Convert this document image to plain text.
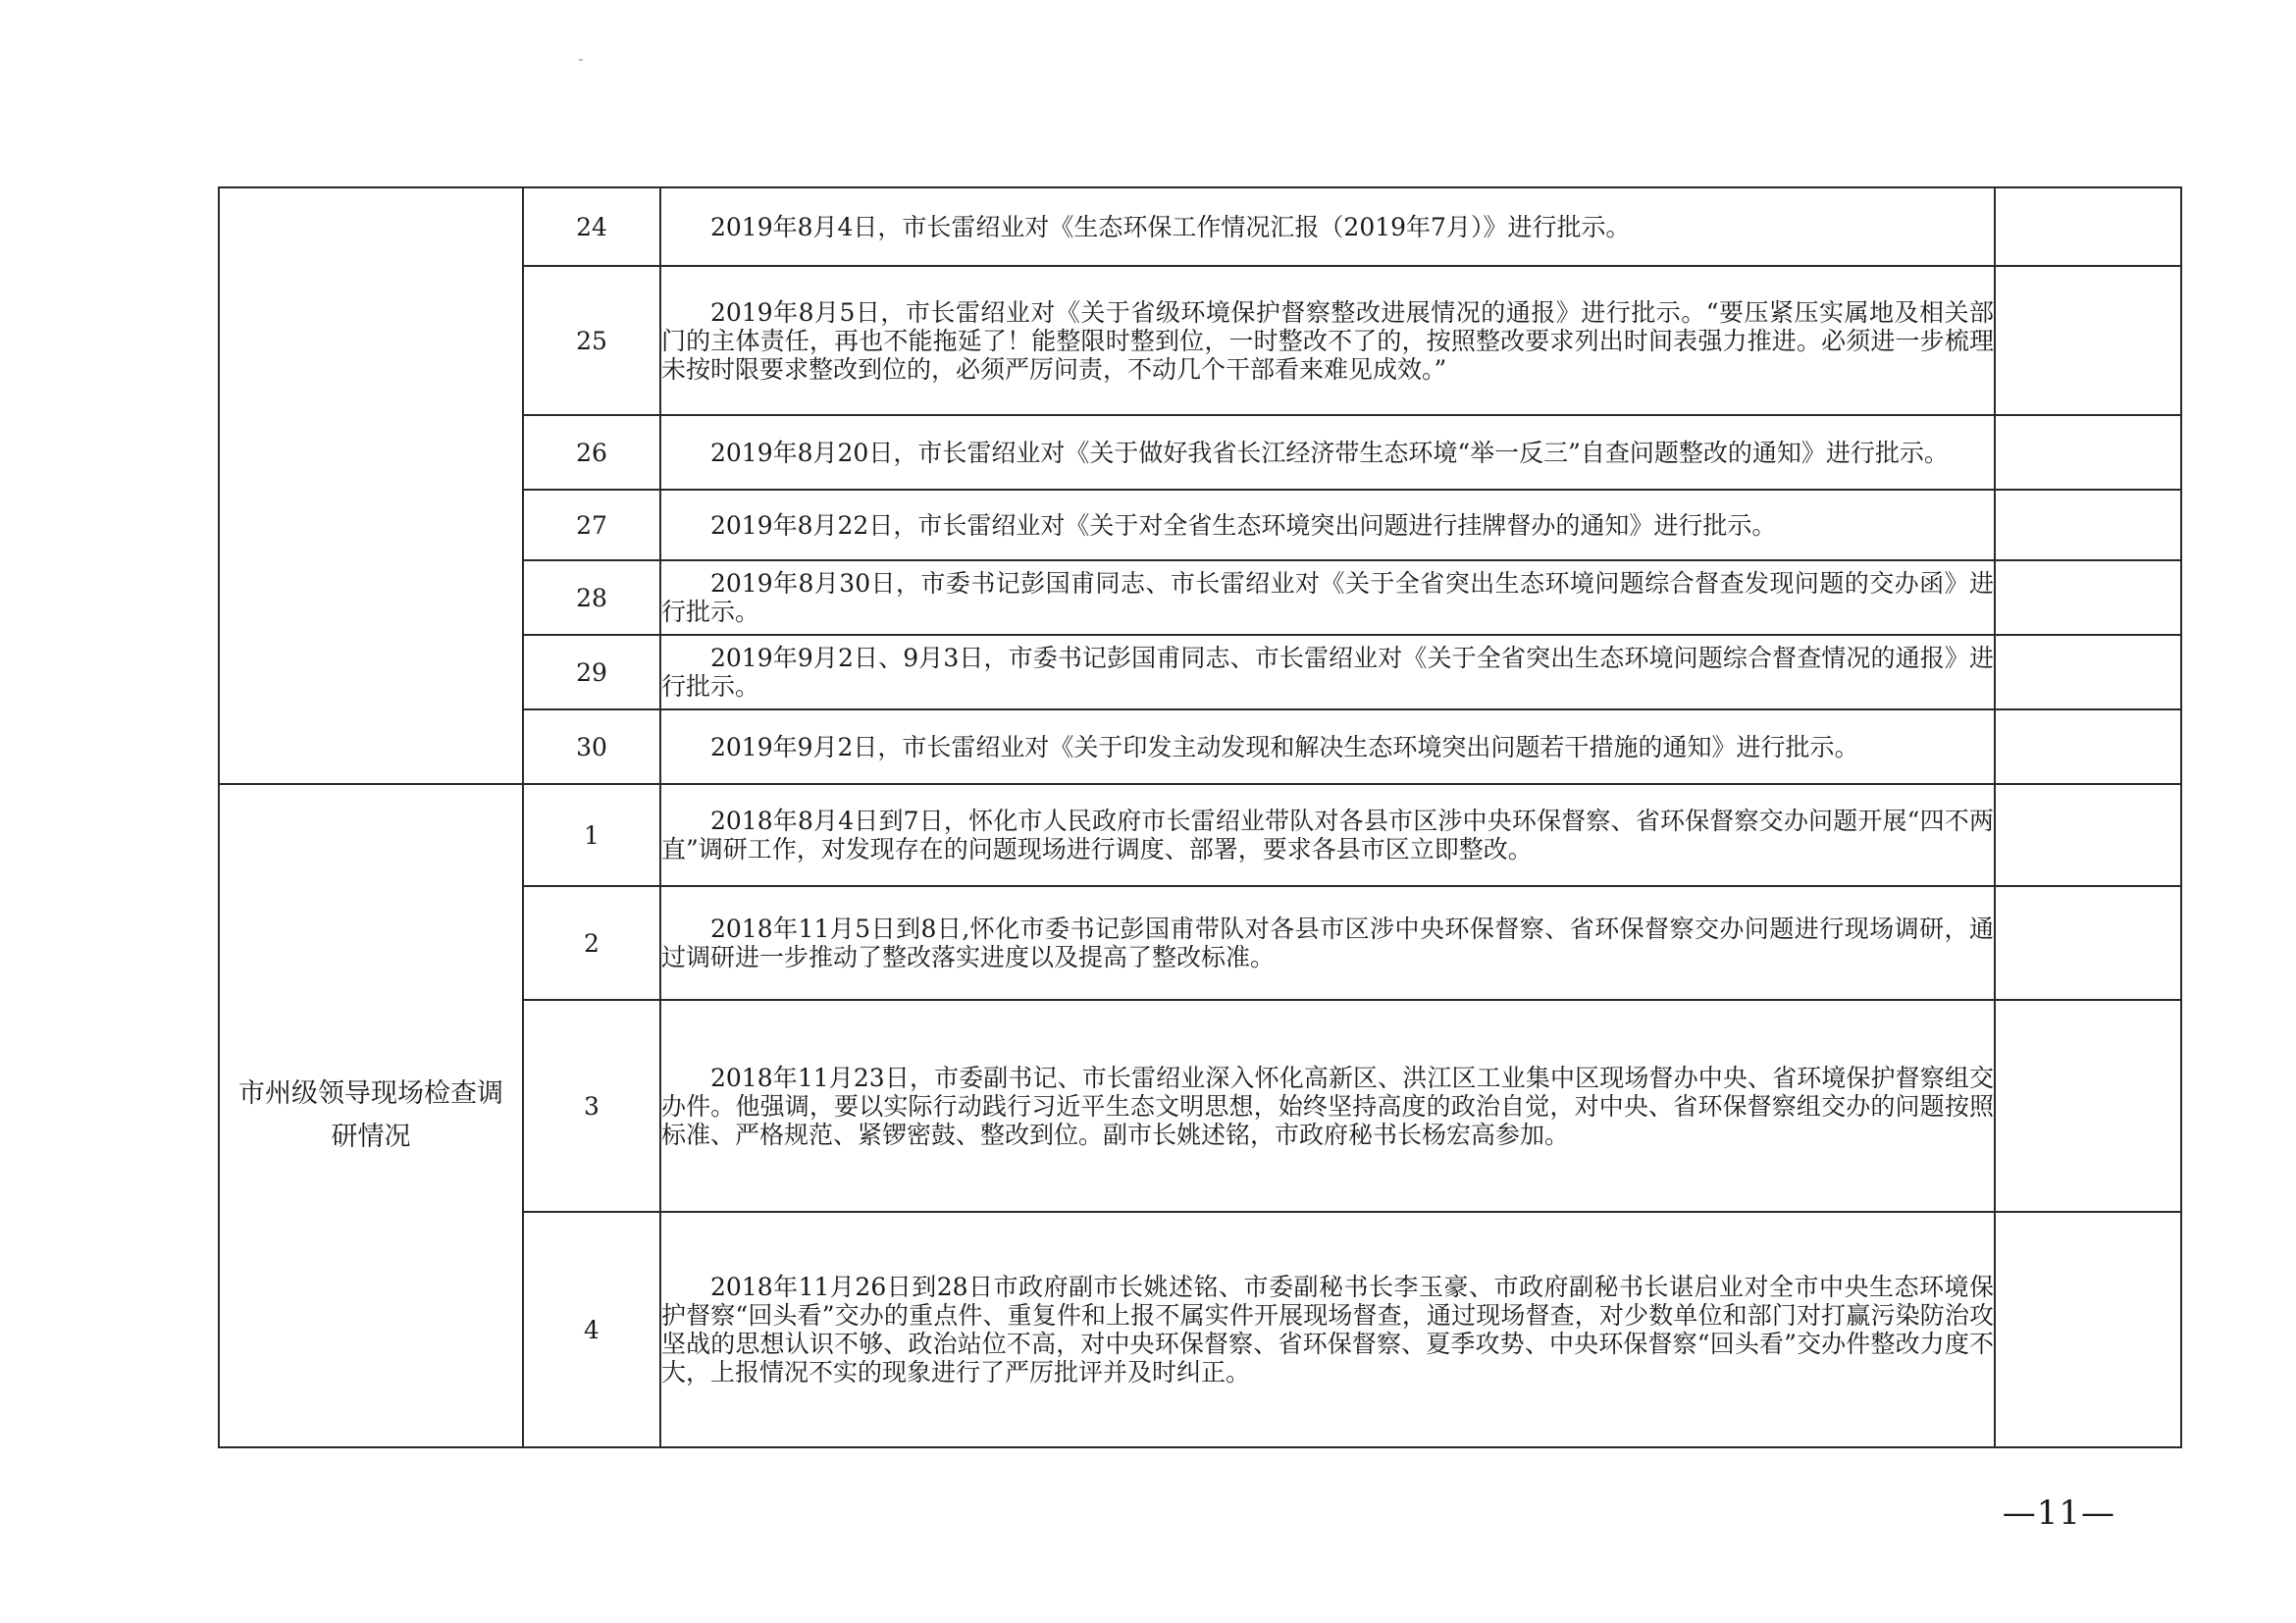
	24	2019年8月4日，市长雷绍业对《生态环保工作情况汇报（2019年7月）》进行批示。	
	25	2019年8月5日，市长雷绍业对《关于省级环境保护督察整改进展情况的通报》进行批示。“要压紧压实属地及相关部门的主体责任，再也不能拖延了！能整限时整到位，一时整改不了的，按照整改要求列出时间表强力推进。必须进一步梳理未按时限要求整改到位的，必须严厉问责，不动几个干部看来难见成效。”	
	26	2019年8月20日，市长雷绍业对《关于做好我省长江经济带生态环境“举一反三”自查问题整改的通知》进行批示。	
	27	2019年8月22日，市长雷绍业对《关于对全省生态环境突出问题进行挂牌督办的通知》进行批示。	
	28	2019年8月30日，市委书记彭国甫同志、市长雷绍业对《关于全省突出生态环境问题综合督查发现问题的交办函》进行批示。	
	29	2019年9月2日、9月3日，市委书记彭国甫同志、市长雷绍业对《关于全省突出生态环境问题综合督查情况的通报》进行批示。	
	30	2019年9月2日，市长雷绍业对《关于印发主动发现和解决生态环境突出问题若干措施的通知》进行批示。	
市州级领导现场检查调研情况	1	2018年8月4日到7日，怀化市人民政府市长雷绍业带队对各县市区涉中央环保督察、省环保督察交办问题开展“四不两直”调研工作，对发现存在的问题现场进行调度、部署，要求各县市区立即整改。	
	2	2018年11月5日到8日,怀化市委书记彭国甫带队对各县市区涉中央环保督察、省环保督察交办问题进行现场调研，通过调研进一步推动了整改落实进度以及提高了整改标准。	
	3	2018年11月23日，市委副书记、市长雷绍业深入怀化高新区、洪江区工业集中区现场督办中央、省环境保护督察组交办件。他强调，要以实际行动践行习近平生态文明思想，始终坚持高度的政治自觉，对中央、省环保督察组交办的问题按照标准、严格规范、紧锣密鼓、整改到位。副市长姚述铭，市政府秘书长杨宏高参加。	
	4	2018年11月26日到28日市政府副市长姚述铭、市委副秘书长李玉豪、市政府副秘书长谌启业对全市中央生态环境保护督察“回头看”交办的重点件、重复件和上报不属实件开展现场督查，通过现场督查，对少数单位和部门对打赢污染防治攻坚战的思想认识不够、政治站位不高，对中央环保督察、省环保督察、夏季攻势、中央环保督察“回头看”交办件整改力度不大，上报情况不实的现象进行了严厉批评并及时纠正。	
—11—
